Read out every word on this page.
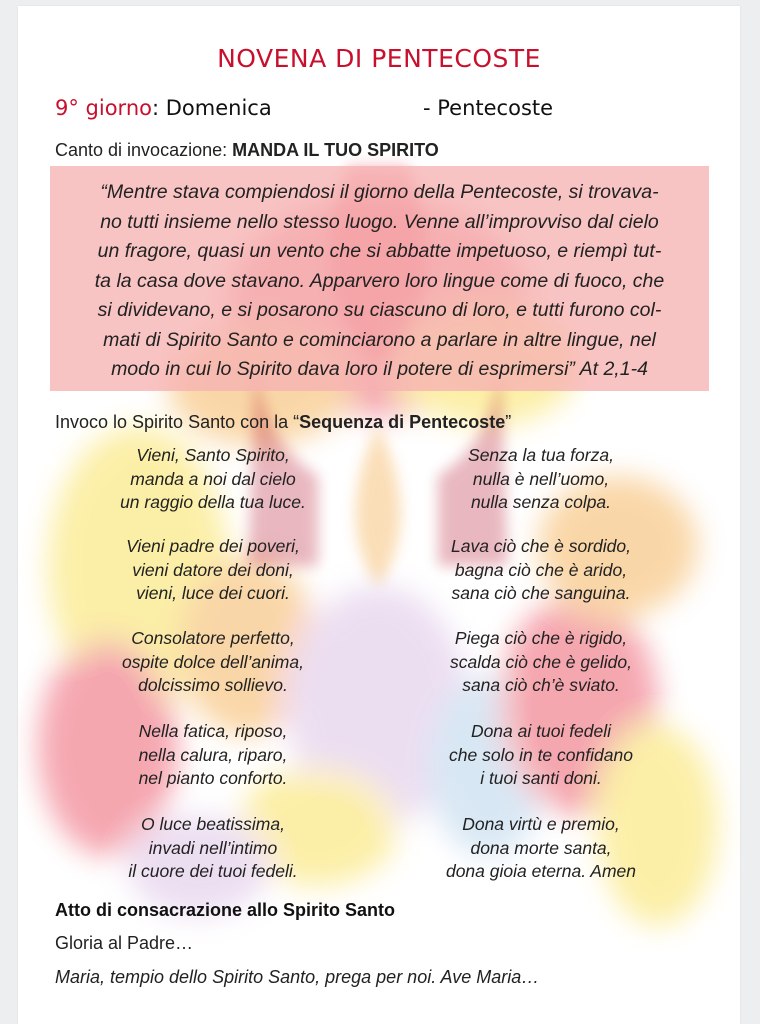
NOVENA DI PENTECOSTE
9° giorno: Domenica	- Pentecoste
Canto di invocazione: MANDA IL TUO SPIRITO

“Mentre stava compiendosi il giorno della Pentecoste, si trovava-
no tutti insieme nello stesso luogo. Venne all’improvviso dal cielo
un fragore, quasi un vento che si abbatte impetuoso, e riempì tut-
ta la casa dove stavano. Apparvero loro lingue come di fuoco, che
si dividevano, e si posarono su ciascuno di loro, e tutti furono col-
mati di Spirito Santo e cominciarono a parlare in altre lingue, nel
modo in cui lo Spirito dava loro il potere di esprimersi” At 2,1-4

Invoco lo Spirito Santo con la “Sequenza di Pentecoste”
Vieni, Santo Spirito,
manda a noi dal cielo
un raggio della tua luce.
Vieni padre dei poveri,
vieni datore dei doni,
vieni, luce dei cuori.
Consolatore perfetto,
ospite dolce dell’anima,
dolcissimo sollievo.
Nella fatica, riposo,
nella calura, riparo,
nel pianto conforto.
O luce beatissima,
invadi nell’intimo
il cuore dei tuoi fedeli.
Senza la tua forza,
nulla è nell’uomo,
nulla senza colpa.
Lava ciò che è sordido,
bagna ciò che è arido,
sana ciò che sanguina.
Piega ciò che è rigido,
scalda ciò che è gelido,
sana ciò ch’è sviato.
Dona ai tuoi fedeli
che solo in te confidano
i tuoi santi doni.
Dona virtù e premio,
dona morte santa,
dona gioia eterna. Amen
Atto di consacrazione allo Spirito Santo
Gloria al Padre…
Maria, tempio dello Spirito Santo, prega per noi. Ave Maria…
